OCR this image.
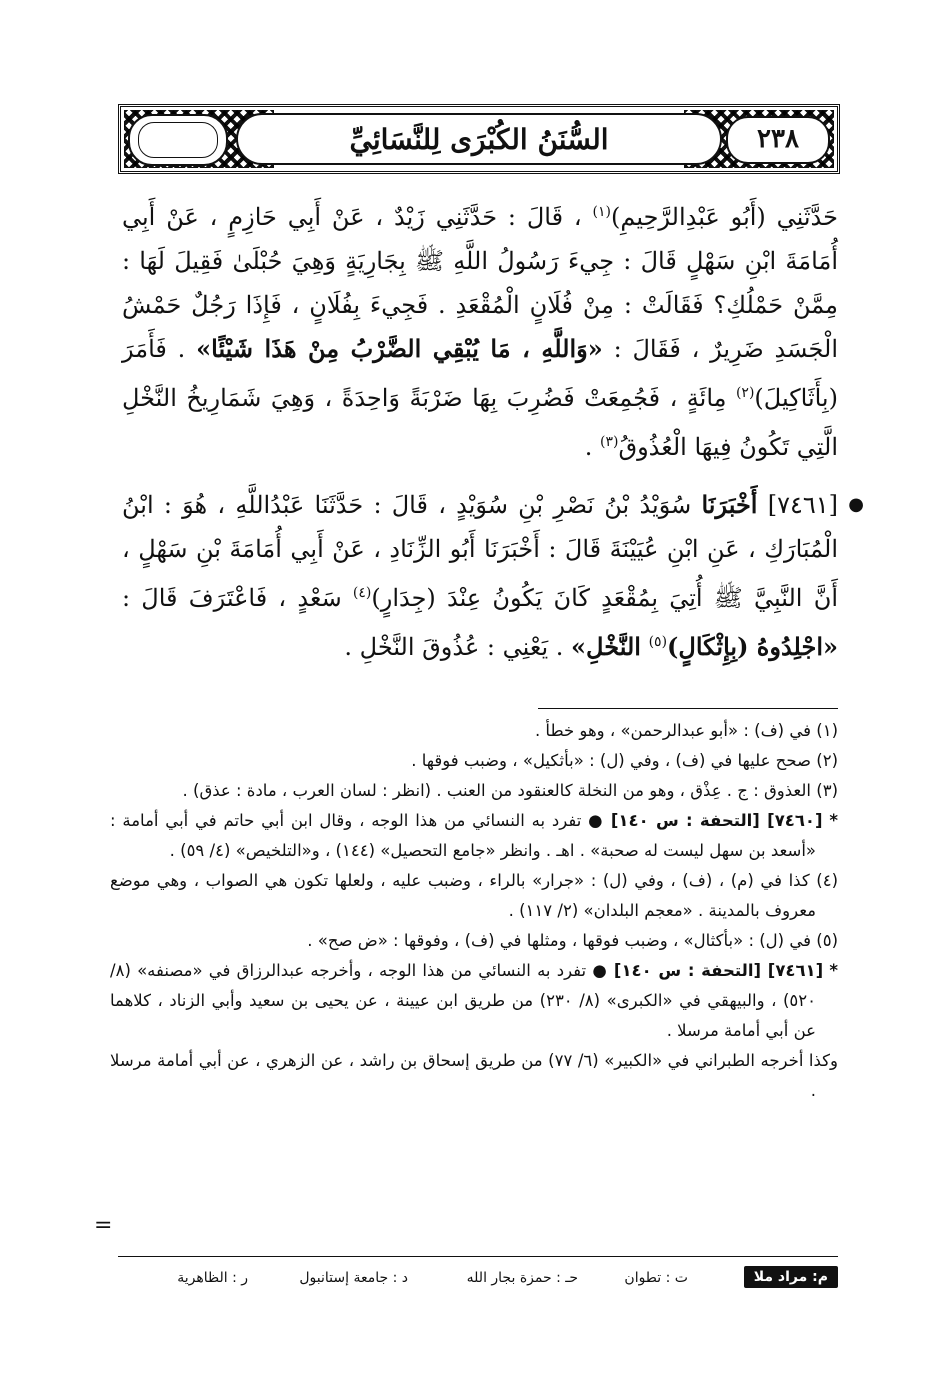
السُّنَنُ الكُبْرَى لِلنَّسَائِيِّ	٢٣٨

حَدَّثَنِي (أَبُو عَبْدِالرَّحِيمِ)$^{(١)}$ ، قَالَ : حَدَّثَنِي زَيْدٌ ، عَنْ أَبِي حَازِمٍ ، عَنْ أَبِي أُمَامَةَ ابْنِ سَهْلٍ قَالَ : جِيءَ رَسُولُ اللَّهِ ﷺ بِجَارِيَةٍ وَهِيَ حُبْلَىٰ فَقِيلَ لَهَا : مِمَّنْ حَمْلُكِ؟ فَقَالَتْ : مِنْ فُلَانٍ الْمُقْعَدِ . فَجِيءَ بِفُلَانٍ ، فَإِذَا رَجُلٌ حَمْشُ الْجَسَدِ ضَرِيرٌ ، فَقَالَ : «وَاللَّهِ ، مَا يُبْقِي الضَّرْبُ مِنْ هَذَا شَيْئًا» . فَأَمَرَ (بِأَثَاكِيلَ)$^{(٢)}$ مِائَةٍ ، فَجُمِعَتْ فَضُرِبَ بِهَا ضَرْبَةً وَاحِدَةً ، وَهِيَ شَمَارِيخُ النَّخْلِ الَّتِي تَكُونُ فِيهَا الْعُذُوقُ$^{(٣)}$ .

●
[٧٤٦١] أَخْبَرَنَا سُوَيْدُ بْنُ نَصْرِ بْنِ سُوَيْدٍ ، قَالَ : حَدَّثَنَا عَبْدُاللَّهِ ، هُوَ : ابْنُ الْمُبَارَكِ ، عَنِ ابْنِ عُيَيْنَةَ قَالَ : أَخْبَرَنَا أَبُو الزِّنَادِ ، عَنْ أَبِي أُمَامَةَ بْنِ سَهْلٍ ، أَنَّ النَّبِيَّ ﷺ أُتِيَ بِمُقْعَدٍ كَانَ يَكُونُ عِنْدَ (جِدَارٍ)$^{(٤)}$ سَعْدٍ ، فَاعْتَرَفَ قَالَ : «اجْلِدُوهُ (بِإِثْكَالٍ)$^{(٥)}$ النَّخْلِ» . يَعْنِي : عُذُوقَ النَّخْلِ .

(١) في (ف) : «أبو عبدالرحمن» ، وهو خطأ .

(٢) صحح عليها في (ف) ، وفي (ل) : «بأثكيل» ، وضبب فوقها .

(٣) العذوق : ج . عِذْق ، وهو من النخلة كالعنقود من العنب . (انظر : لسان العرب ، مادة : عذق) .

* [٧٤٦٠] [التحفة : س ١٤٠] ● تفرد به النسائي من هذا الوجه ، وقال ابن أبي حاتم في أبي أمامة : «أسعد بن سهل ليست له صحبة» . اهـ . وانظر «جامع التحصيل» (١٤٤) ، و«التلخيص» (٤/ ٥٩) .

(٤) كذا في (م) ، (ف) ، وفي (ل) : «جرار» بالراء ، وضبب عليه ، ولعلها تكون هي الصواب ، وهي موضع معروف بالمدينة . «معجم البلدان» (٢/ ١١٧) .

(٥) في (ل) : «بأكثال» ، وضبب فوقها ، ومثلها في (ف) ، وفوقها : «ض صح» .

* [٧٤٦١] [التحفة : س ١٤٠] ● تفرد به النسائي من هذا الوجه ، وأخرجه عبدالرزاق في «مصنفه» (٨/ ٥٢٠) ، والبيهقي في «الكبرى» (٨/ ٢٣٠) من طريق ابن عيينة ، عن يحيى بن سعيد وأبي الزناد ، كلاهما عن أبي أمامة مرسلا .

وكذا أخرجه الطبراني في «الكبير» (٦/ ٧٧) من طريق إسحاق بن راشد ، عن الزهري ، عن أبي أمامة مرسلا .

=
م: مراد ملا
ت : تطوان
حـ : حمزة بجار الله
د : جامعة إستانبول
ر : الظاهرية
